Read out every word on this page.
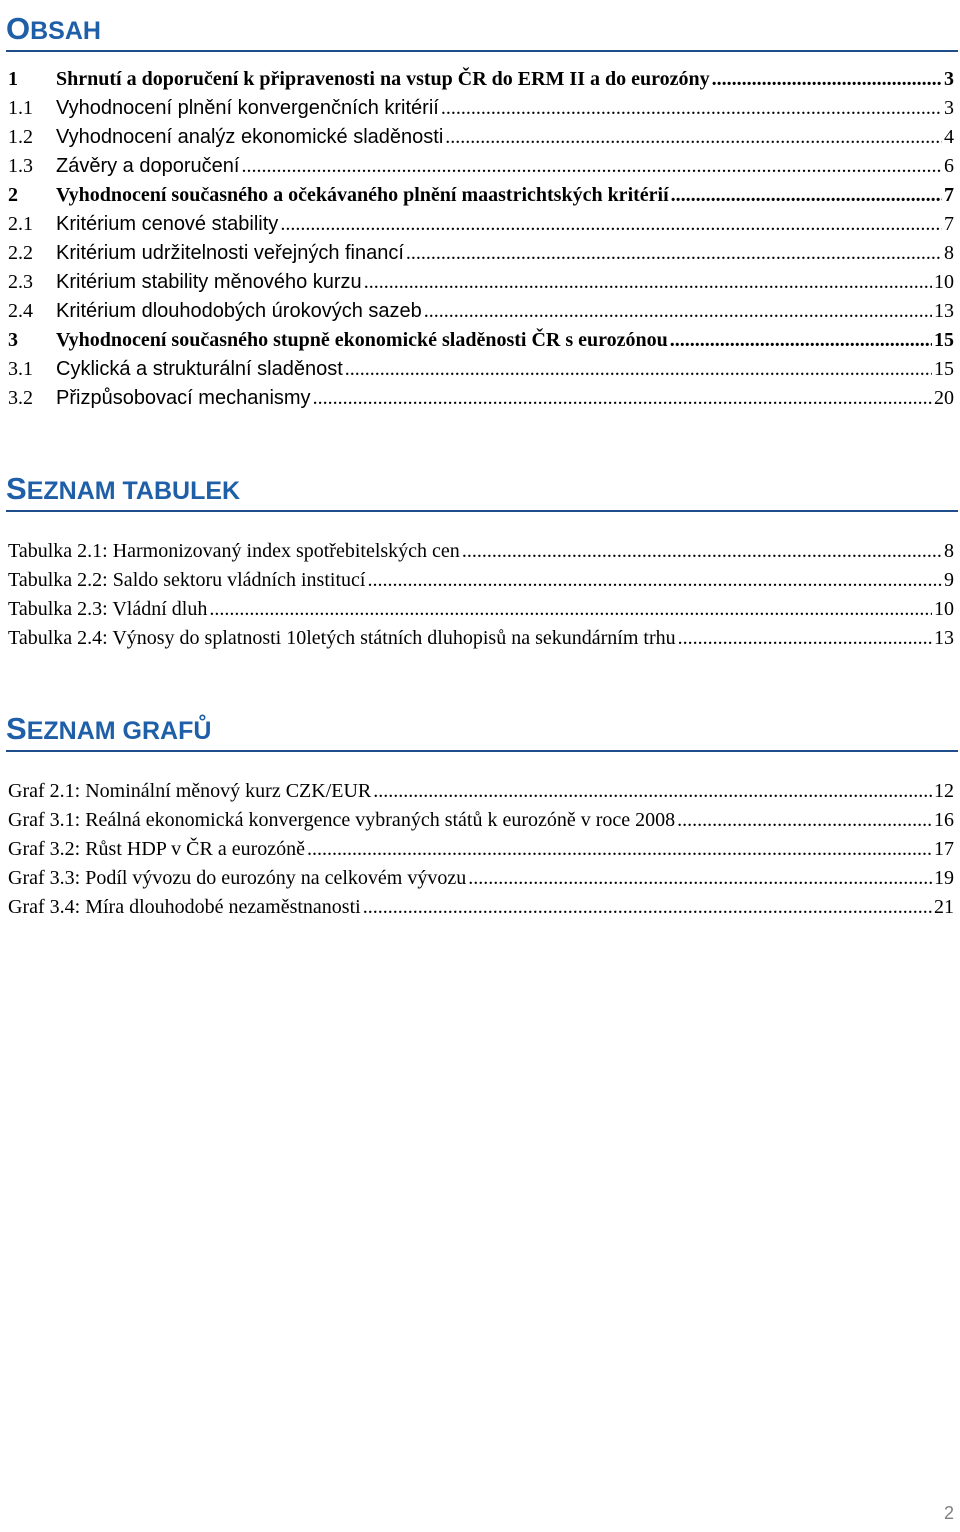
O BSAH
1	Shrnutí a doporučení k připravenosti na vstup ČR do ERM II a do eurozóny .....	3
1.1	Vyhodnocení plnění konvergenčních kritérií .....	3
1.2	Vyhodnocení analýz ekonomické sladěnosti .....	4
1.3	Závěry a doporučení .....	6
2	Vyhodnocení současného a očekávaného plnění maastrichtských kritérií .....	7
2.1	Kritérium cenové stability .....	7
2.2	Kritérium udržitelnosti veřejných financí .....	8
2.3	Kritérium stability měnového kurzu .....	10
2.4	Kritérium dlouhodobých úrokových sazeb .....	13
3	Vyhodnocení současného stupně ekonomické sladěnosti ČR s eurozónou .....	15
3.1	Cyklická a strukturální sladěnost .....	15
3.2	Přizpůsobovací mechanismy .....	20
S EZNAM TABULEK
Tabulka 2.1: Harmonizovaný index spotřebitelských cen .....	8
Tabulka 2.2: Saldo sektoru vládních institucí .....	9
Tabulka 2.3: Vládní dluh .....	10
Tabulka 2.4: Výnosy do splatnosti 10letých státních dluhopisů na sekundárním trhu .....	13
S EZNAM GRAFŮ
Graf 2.1: Nominální měnový kurz CZK/EUR .....	12
Graf 3.1: Reálná ekonomická konvergence vybraných států k eurozóně v roce 2008 .....	16
Graf 3.2: Růst HDP v ČR a eurozóně .....	17
Graf 3.3: Podíl vývozu do eurozóny na celkovém vývozu .....	19
Graf 3.4: Míra dlouhodobé nezaměstnanosti .....	21
2
